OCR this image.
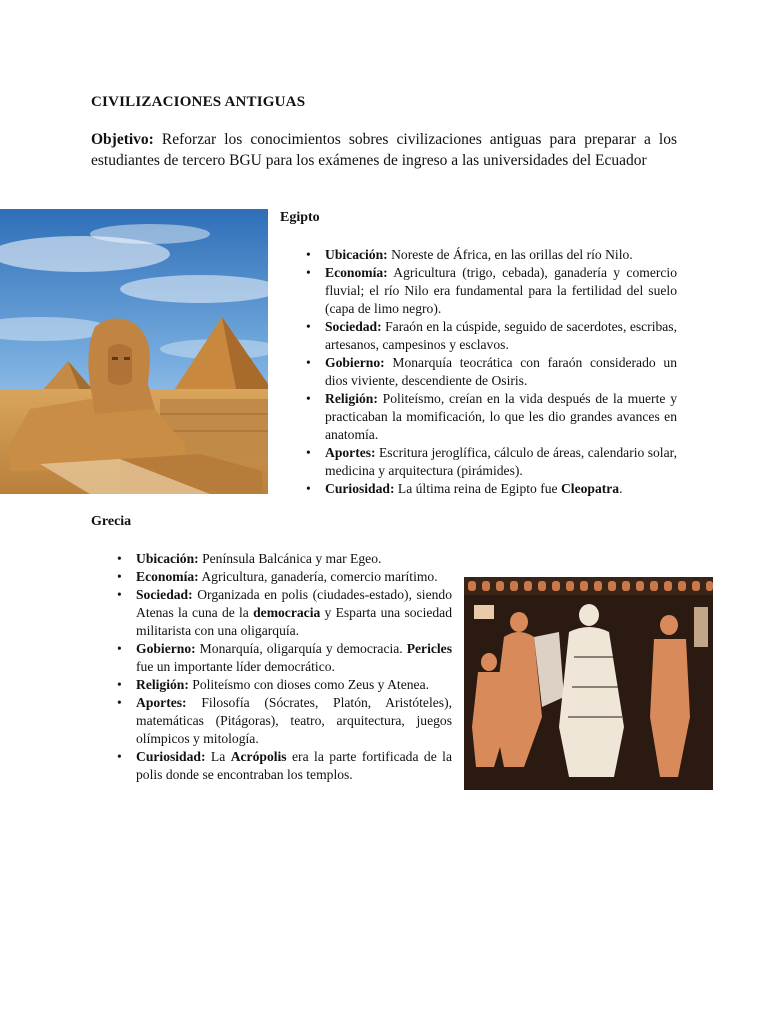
CIVILIZACIONES ANTIGUAS
Objetivo: Reforzar los conocimientos sobres civilizaciones antiguas para preparar a los estudiantes de tercero BGU para los exámenes de ingreso a las universidades del Ecuador
Egipto
• Ubicación: Noreste de África, en las orillas del río Nilo.
• Economía: Agricultura (trigo, cebada), ganadería y comercio fluvial; el río Nilo era fundamental para la fertilidad del suelo (capa de limo negro).
• Sociedad: Faraón en la cúspide, seguido de sacerdotes, escribas, artesanos, campesinos y esclavos.
• Gobierno: Monarquía teocrática con faraón considerado un dios viviente, descendiente de Osiris.
• Religión: Politeísmo, creían en la vida después de la muerte y practicaban la momificación, lo que les dio grandes avances en anatomía.
• Aportes: Escritura jeroglífica, cálculo de áreas, calendario solar, medicina y arquitectura (pirámides).
• Curiosidad: La última reina de Egipto fue Cleopatra.
Grecia
• Ubicación: Península Balcánica y mar Egeo.
• Economía: Agricultura, ganadería, comercio marítimo.
• Sociedad: Organizada en polis (ciudades-estado), siendo Atenas la cuna de la democracia y Esparta una sociedad militarista con una oligarquía.
• Gobierno: Monarquía, oligarquía y democracia. Pericles fue un importante líder democrático.
• Religión: Politeísmo con dioses como Zeus y Atenea.
• Aportes: Filosofía (Sócrates, Platón, Aristóteles), matemáticas (Pitágoras), teatro, arquitectura, juegos olímpicos y mitología.
• Curiosidad: La Acrópolis era la parte fortificada de la polis donde se encontraban los templos.
